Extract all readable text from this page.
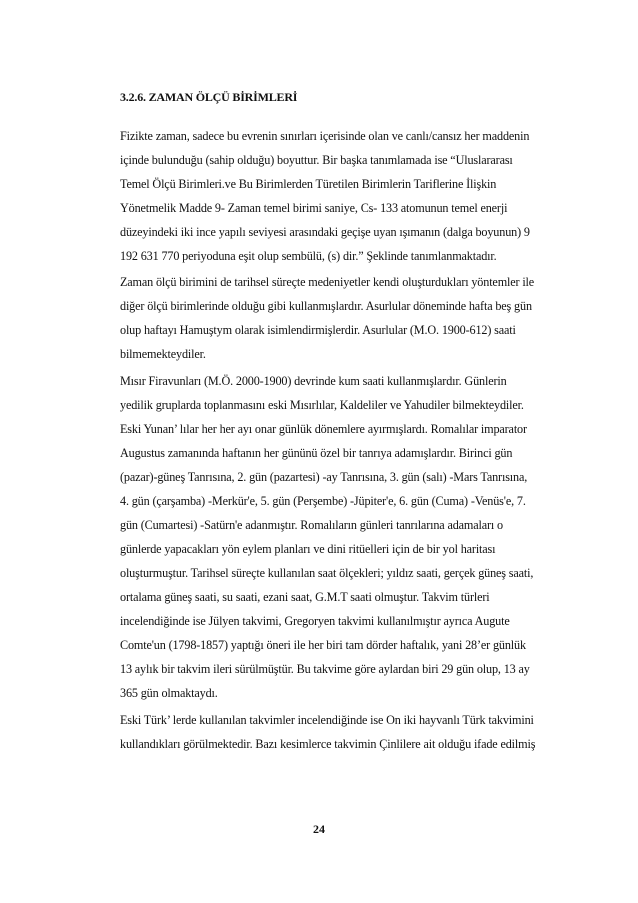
3.2.6. ZAMAN ÖLÇÜ BİRİMLERİ
Fizikte zaman, sadece bu evrenin sınırları içerisinde olan ve canlı/cansız her maddenin
içinde bulunduğu (sahip olduğu) boyuttur. Bir başka tanımlamada ise “Uluslararası
Temel Ölçü Birimleri.ve Bu Birimlerden Türetilen Birimlerin Tariflerine İlişkin
Yönetmelik Madde 9- Zaman temel birimi saniye, Cs- 133 atomunun temel enerji
düzeyindeki iki ince yapılı seviyesi arasındaki geçişe uyan ışımanın (dalga boyunun) 9
192 631 770 periyoduna eşit olup sembülü, (s) dir.” Şeklinde tanımlanmaktadır.
Zaman ölçü birimini de tarihsel süreçte medeniyetler kendi oluşturdukları yöntemler ile
diğer ölçü birimlerinde olduğu gibi kullanmışlardır. Asurlular döneminde hafta beş gün
olup haftayı Hamuştym olarak isimlendirmişlerdir. Asurlular (M.O. 1900-612) saati
bilmemekteydiler.
Mısır Firavunları (M.Ö. 2000-1900) devrinde kum saati kullanmışlardır. Günlerin
yedilik gruplarda toplanmasını eski Mısırlılar, Kaldeliler ve Yahudiler bilmekteydiler.
Eski Yunan’ lılar her her ayı onar günlük dönemlere ayırmışlardı. Romalılar imparator
Augustus zamanında haftanın her gününü özel bir tanrıya adamışlardır. Birinci gün
(pazar)-güneş Tanrısına, 2. gün (pazartesi) -ay Tanrısına, 3. gün (salı) -Mars Tanrısına,
4. gün (çarşamba) -Merkür'e, 5. gün (Perşembe) -Jüpiter'e, 6. gün (Cuma) -Venüs'e, 7.
gün (Cumartesi) -Satürn'e adanmıştır. Romalıların günleri tanrılarına adamaları o
günlerde yapacakları yön eylem planları ve dini ritüelleri için de bir yol haritası
oluşturmuştur. Tarihsel süreçte kullanılan saat ölçekleri; yıldız saati, gerçek güneş saati,
ortalama güneş saati, su saati, ezani saat, G.M.T saati olmuştur. Takvim türleri
incelendiğinde ise Jülyen takvimi, Gregoryen takvimi kullanılmıştır ayrıca Augute
Comte'un (1798-1857) yaptığı öneri ile her biri tam dörder haftalık, yani 28’er günlük
13 aylık bir takvim ileri sürülmüştür. Bu takvime göre aylardan biri 29 gün olup, 13 ay
365 gün olmaktaydı.
Eski Türk’ lerde kullanılan takvimler incelendiğinde ise On iki hayvanlı Türk takvimini
kullandıkları görülmektedir. Bazı kesimlerce takvimin Çinlilere ait olduğu ifade edilmiş
24
